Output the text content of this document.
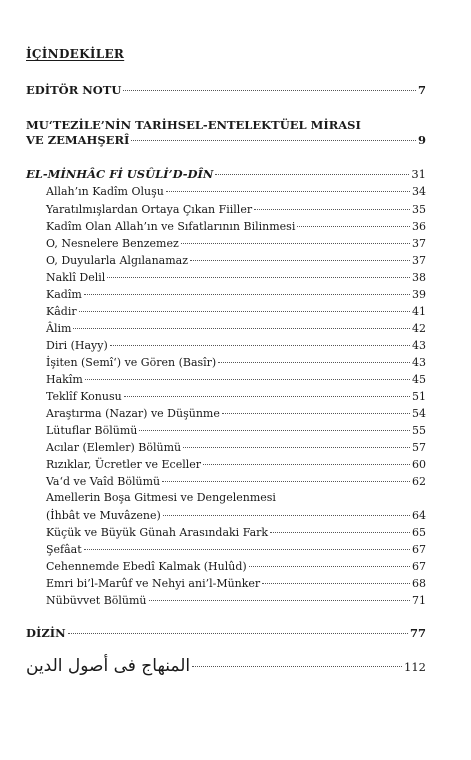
İÇİNDEKİLER
EDİTÖR NOTU	7
MU‘TEZİLE’NİN TARİHSEL-ENTELEKTÜEL MİRASI
VE ZEMAHŞERÎ	9
EL-MİNHÂC Fİ USÛLİ’D-DÎN	31
Allah’ın Kadîm Oluşu	34
Yaratılmışlardan Ortaya Çıkan Fiiller	35
Kadîm Olan Allah’ın ve Sıfatlarının Bilinmesi	36
O, Nesnelere Benzemez	37
O, Duyularla Algılanamaz	37
Naklî Delil	38
Kadîm	39
Kâdir	41
Âlim	42
Diri (Hayy)	43
İşiten (Semî‘) ve Gören (Basîr)	43
Hakîm	45
Teklîf Konusu	51
Araştırma (Nazar) ve Düşünme	54
Lütuflar Bölümü	55
Acılar (Elemler) Bölümü	57
Rızıklar, Ücretler ve Eceller	60
Va‘d ve Vaîd Bölümü	62
Amellerin Boşa Gitmesi ve Dengelenmesi
(İhbât ve Muvâzene)	64
Küçük ve Büyük Günah Arasındaki Fark	65
Şefâat	67
Cehennemde Ebedî Kalmak (Hulûd)	67
Emri bi’l-Marûf ve Nehyi ani’l-Münker	68
Nübüvvet Bölümü	71
DİZİN	77
المنهاج فى أصول الدين	112
